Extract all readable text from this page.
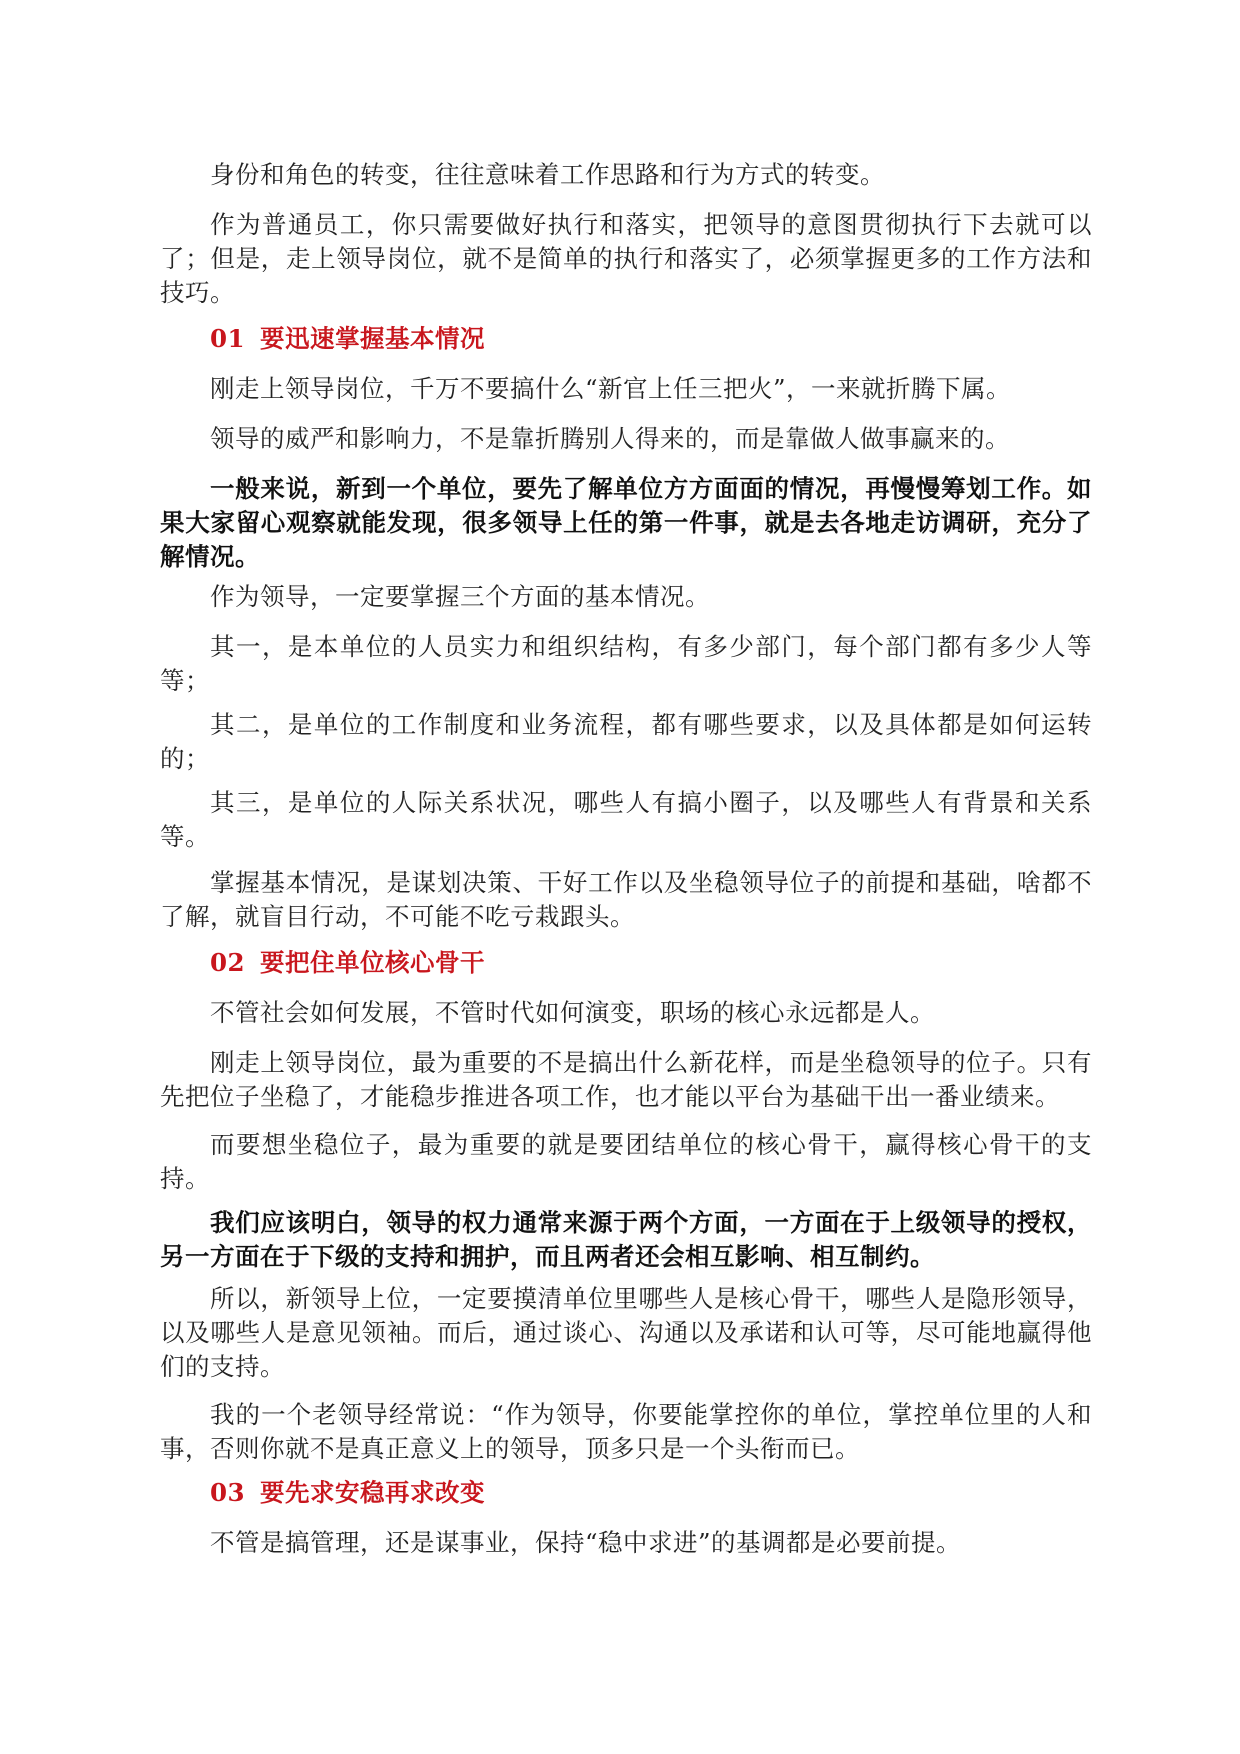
身份和角色的转变，往往意味着工作思路和行为方式的转变。

作为普通员工，你只需要做好执行和落实，把领导的意图贯彻执行下去就可以了；但是，走上领导岗位，就不是简单的执行和落实了，必须掌握更多的工作方法和技巧。

01 要迅速掌握基本情况

刚走上领导岗位，千万不要搞什么“新官上任三把火”，一来就折腾下属。

领导的威严和影响力，不是靠折腾别人得来的，而是靠做人做事赢来的。

一般来说，新到一个单位，要先了解单位方方面面的情况，再慢慢筹划工作。如果大家留心观察就能发现，很多领导上任的第一件事，就是去各地走访调研，充分了解情况。

作为领导，一定要掌握三个方面的基本情况。

其一，是本单位的人员实力和组织结构，有多少部门，每个部门都有多少人等等；

其二，是单位的工作制度和业务流程，都有哪些要求，以及具体都是如何运转的；

其三，是单位的人际关系状况，哪些人有搞小圈子，以及哪些人有背景和关系等。

掌握基本情况，是谋划决策、干好工作以及坐稳领导位子的前提和基础，啥都不了解，就盲目行动，不可能不吃亏栽跟头。

02 要把住单位核心骨干

不管社会如何发展，不管时代如何演变，职场的核心永远都是人。

刚走上领导岗位，最为重要的不是搞出什么新花样，而是坐稳领导的位子。只有先把位子坐稳了，才能稳步推进各项工作，也才能以平台为基础干出一番业绩来。

而要想坐稳位子，最为重要的就是要团结单位的核心骨干，赢得核心骨干的支持。

我们应该明白，领导的权力通常来源于两个方面，一方面在于上级领导的授权，另一方面在于下级的支持和拥护，而且两者还会相互影响、相互制约。

所以，新领导上位，一定要摸清单位里哪些人是核心骨干，哪些人是隐形领导，以及哪些人是意见领袖。而后，通过谈心、沟通以及承诺和认可等，尽可能地赢得他们的支持。

我的一个老领导经常说：“作为领导，你要能掌控你的单位，掌控单位里的人和事，否则你就不是真正意义上的领导，顶多只是一个头衔而已。

03 要先求安稳再求改变

不管是搞管理，还是谋事业，保持“稳中求进”的基调都是必要前提。
